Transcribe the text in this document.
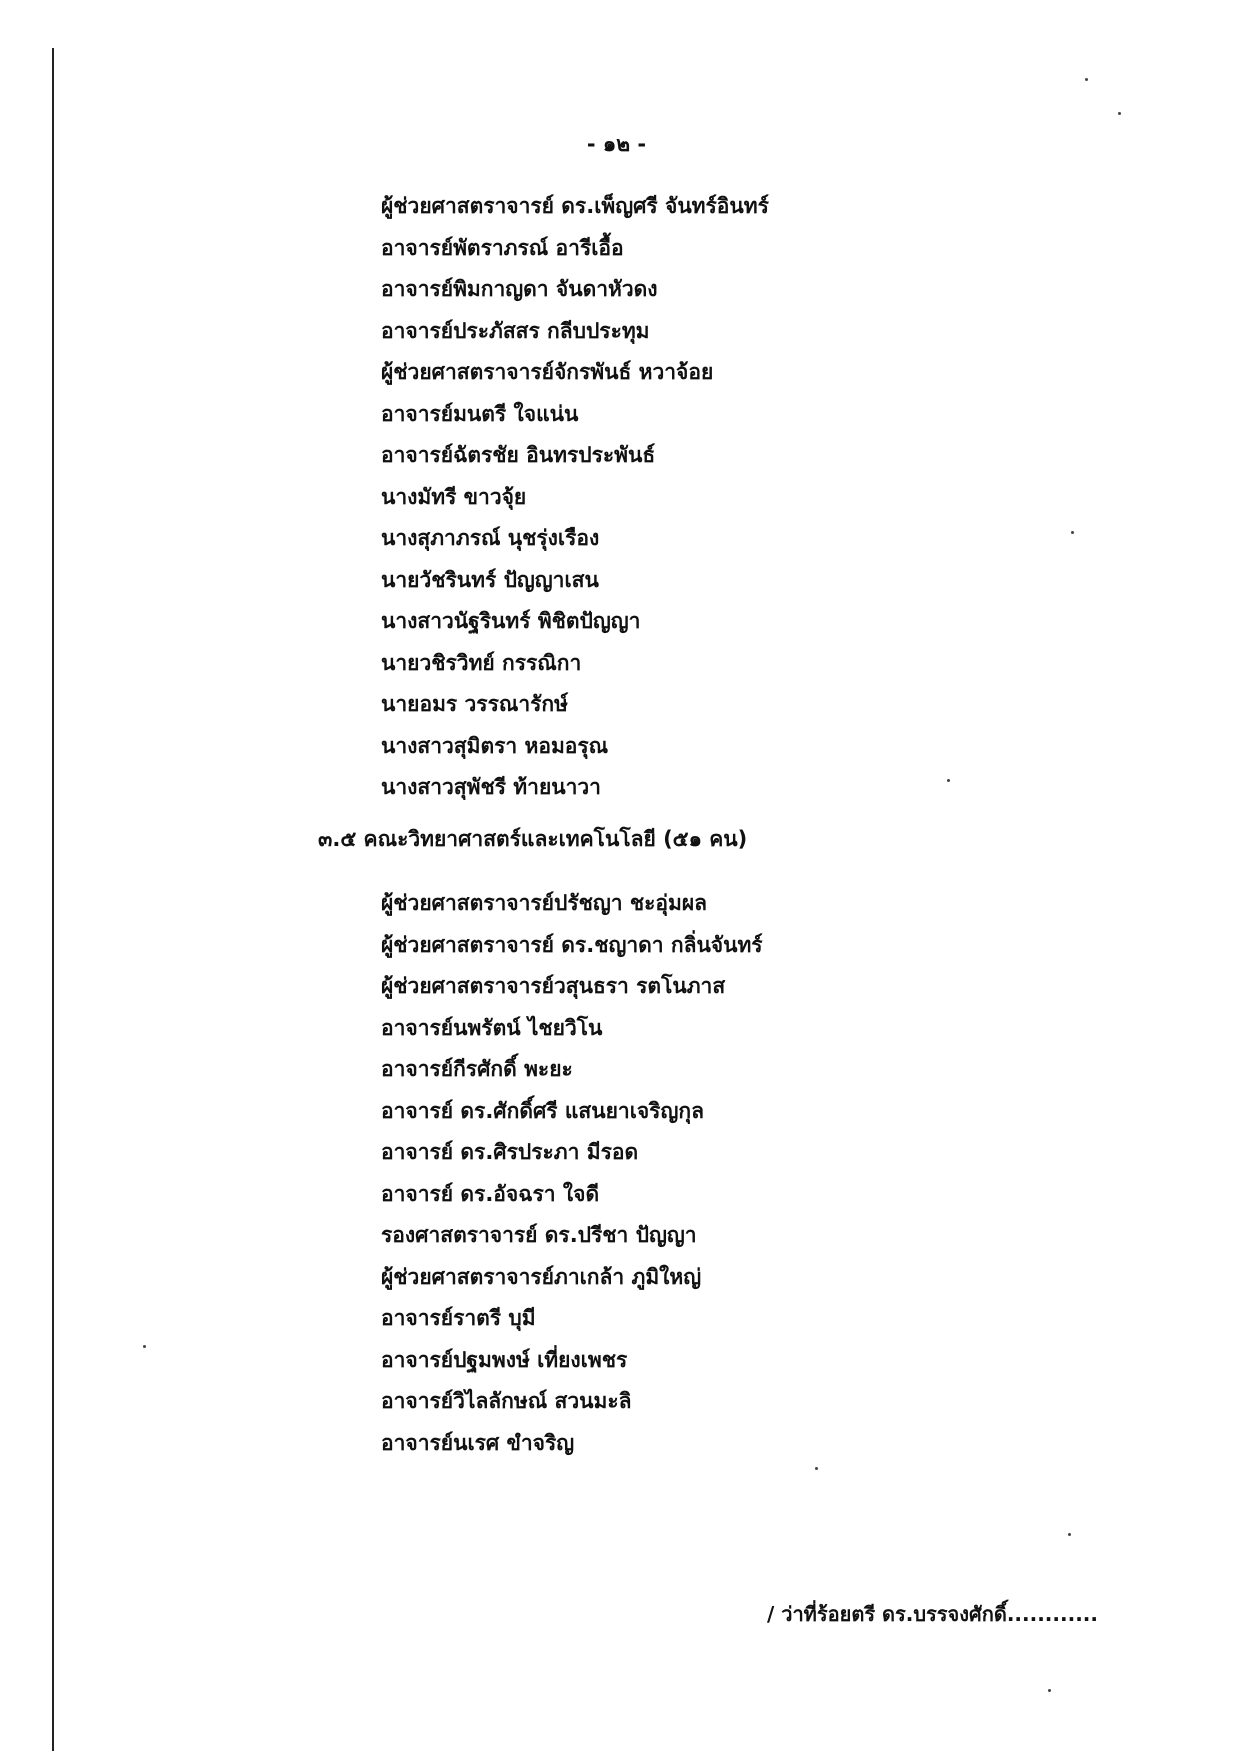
- ๑๒ -
ผู้ช่วยศาสตราจารย์ ดร.เพ็ญศรี จันทร์อินทร์
อาจารย์พัตราภรณ์ อารีเอื้อ
อาจารย์พิมกาญดา จันดาหัวดง
อาจารย์ประภัสสร กลีบประทุม
ผู้ช่วยศาสตราจารย์จักรพันธ์ หวาจ้อย
อาจารย์มนตรี ใจแน่น
อาจารย์ฉัตรชัย อินทรประพันธ์
นางมัทรี ขาวจุ้ย
นางสุภาภรณ์ นุชรุ่งเรือง
นายวัชรินทร์ ปัญญาเสน
นางสาวนัฐรินทร์ พิชิตปัญญา
นายวชิรวิทย์ กรรณิกา
นายอมร วรรณารักษ์
นางสาวสุมิตรา หอมอรุณ
นางสาวสุพัชรี ท้ายนาวา
๓.๕ คณะวิทยาศาสตร์และเทคโนโลยี (๕๑ คน)
ผู้ช่วยศาสตราจารย์ปรัชญา ชะอุ่มผล
ผู้ช่วยศาสตราจารย์ ดร.ชญาดา กลิ่นจันทร์
ผู้ช่วยศาสตราจารย์วสุนธรา รตโนภาส
อาจารย์นพรัตน์ ไชยวิโน
อาจารย์กีรศักดิ์ พะยะ
อาจารย์ ดร.ศักดิ์ศรี แสนยาเจริญกุล
อาจารย์ ดร.ศิรประภา มีรอด
อาจารย์ ดร.อัจฉรา ใจดี
รองศาสตราจารย์ ดร.ปรีชา ปัญญา
ผู้ช่วยศาสตราจารย์ภาเกล้า ภูมิใหญ่
อาจารย์ราตรี บุมี
อาจารย์ปฐมพงษ์ เที่ยงเพชร
อาจารย์วิไลลักษณ์ สวนมะลิ
อาจารย์นเรศ ขำจริญ
/ ว่าที่ร้อยตรี ดร.บรรจงศักดิ์............
